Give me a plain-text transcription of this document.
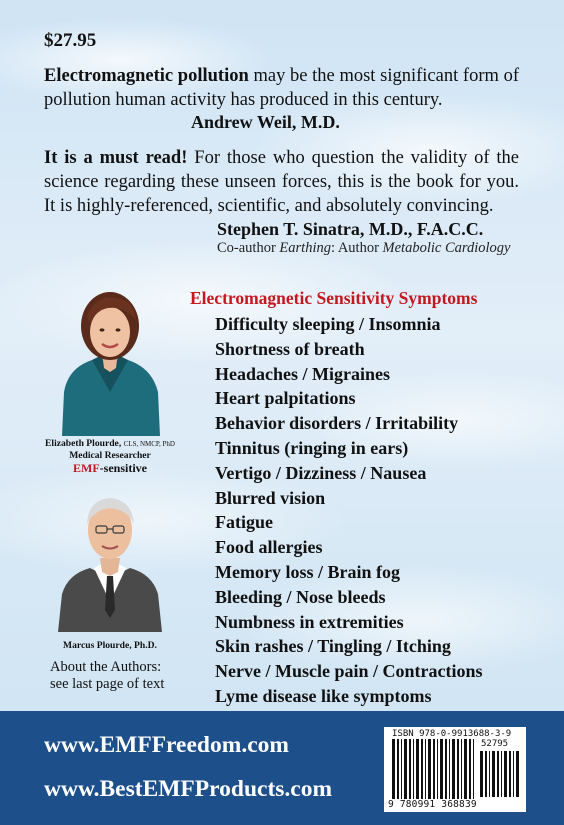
$27.95
Electromagnetic pollution may be the most significant form of pollution human activity has produced in this century.
Andrew Weil, M.D.
It is a must read! For those who question the validity of the science regarding these unseen forces, this is the book for you. It is highly-referenced, scientific, and absolutely convincing.
Stephen T. Sinatra, M.D., F.A.C.C.
Co-author Earthing: Author Metabolic Cardiology
Elizabeth Plourde, CLS, NMCP, PhD
Medical Researcher
EMF-sensitive
Marcus Plourde, Ph.D.
About the Authors:
see last page of text
Electromagnetic Sensitivity Symptoms
Difficulty sleeping / Insomnia
Shortness of breath
Headaches / Migraines
Heart palpitations
Behavior disorders / Irritability
Tinnitus (ringing in ears)
Vertigo / Dizziness / Nausea
Blurred vision
Fatigue
Food allergies
Memory loss / Brain fog
Bleeding / Nose bleeds
Numbness in extremities
Skin rashes / Tingling / Itching
Nerve / Muscle pain / Contractions
Lyme disease like symptoms
www.EMFFreedom.com
www.BestEMFProducts.com
ISBN 978-0-9913688-3-9
52795
9 780991 368839
